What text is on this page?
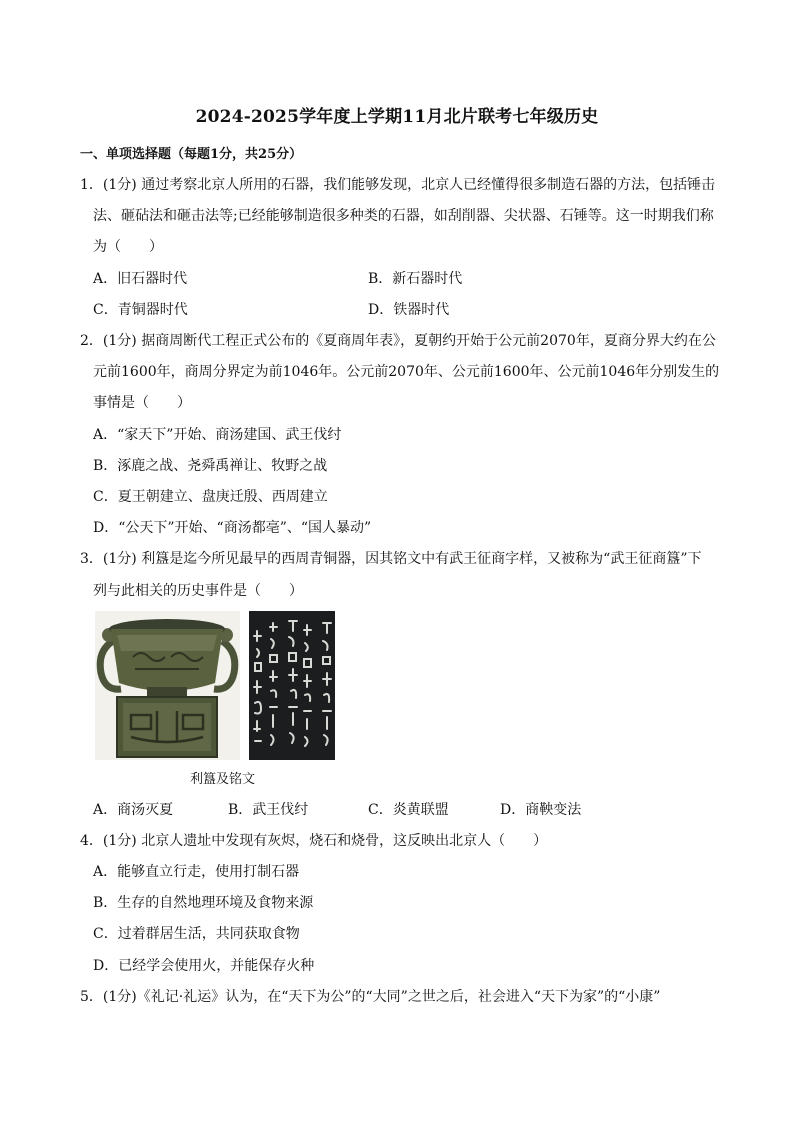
2024-2025学年度上学期11月北片联考七年级历史
一、单项选择题（每题1分，共25分）
1．(1分) 通过考察北京人所用的石器，我们能够发现，北京人已经懂得很多制造石器的方法，包括锤击
法、砸砧法和砸击法等;已经能够制造很多种类的石器，如刮削器、尖状器、石锤等。这一时期我们称
为（　　）
A．旧石器时代	B．新石器时代
C．青铜器时代	D．铁器时代
2．(1分) 据商周断代工程正式公布的《夏商周年表》，夏朝约开始于公元前2070年，夏商分界大约在公
元前1600年，商周分界定为前1046年。公元前2070年、公元前1600年、公元前1046年分别发生的
事情是（　　）
A．“家天下”开始、商汤建国、武王伐纣
B．涿鹿之战、尧舜禹禅让、牧野之战
C．夏王朝建立、盘庚迁殷、西周建立
D．“公天下”开始、“商汤都亳”、“国人暴动”
3．(1分) 利簋是迄今所见最早的西周青铜器，因其铭文中有武王征商字样，又被称为“武王征商簋”下
列与此相关的历史事件是（　　）
利簋及铭文
A．商汤灭夏	B．武王伐纣	C．炎黄联盟	D．商鞅变法
4．(1分) 北京人遗址中发现有灰烬，烧石和烧骨，这反映出北京人（　　）
A．能够直立行走，使用打制石器
B．生存的自然地理环境及食物来源
C．过着群居生活，共同获取食物
D．已经学会使用火，并能保存火种
5．(1分)《礼记·礼运》认为，在“天下为公”的“大同”之世之后，社会进入“天下为家”的“小康”
